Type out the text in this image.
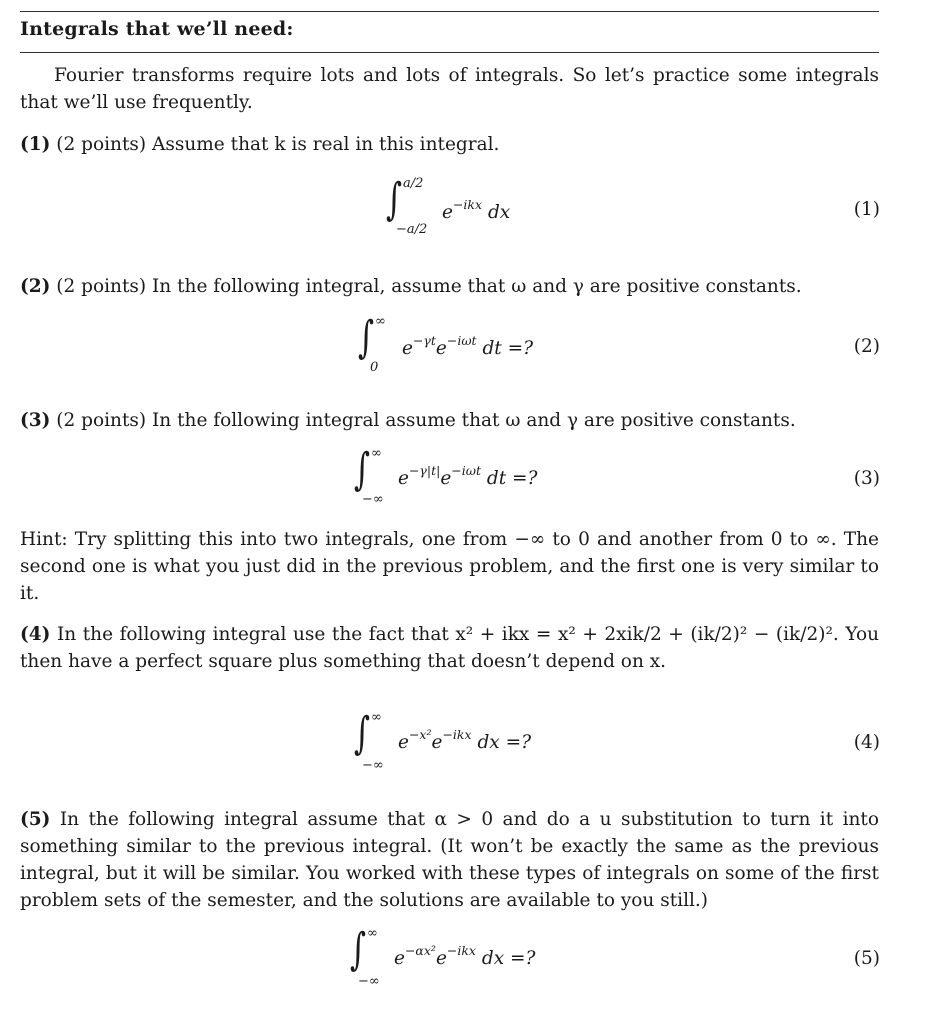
Integrals that we’ll need:
Fourier transforms require lots and lots of integrals. So let’s practice some integrals that we’ll use frequently.
(1) (2 points) Assume that k is real in this integral.
∫ a/2
−a/2
$e^{-ikx}$ dx	(1)
(2) (2 points) In the following integral, assume that ω and γ are positive constants.
∫ ∞
0
$e^{-\gamma t}e^{-i\omega t}$ dt =?	(2)
(3) (2 points) In the following integral assume that ω and γ are positive constants.
∫ ∞
−∞
$e^{-\gamma|t|}e^{-i\omega t}$ dt =?	(3)
Hint: Try splitting this into two integrals, one from −∞ to 0 and another from 0 to ∞. The second one is what you just did in the previous problem, and the first one is very similar to it.
(4) In the following integral use the fact that x² + ikx = x² + 2xik/2 + (ik/2)² − (ik/2)². You then have a perfect square plus something that doesn’t depend on x.
∫ ∞
−∞
$e^{-x^2}e^{-ikx}$ dx =?	(4)
(5) In the following integral assume that α > 0 and do a u substitution to turn it into something similar to the previous integral. (It won’t be exactly the same as the previous integral, but it will be similar. You worked with these types of integrals on some of the first problem sets of the semester, and the solutions are available to you still.)
∫ ∞
−∞
$e^{-\alpha x^2}e^{-ikx}$ dx =?	(5)
